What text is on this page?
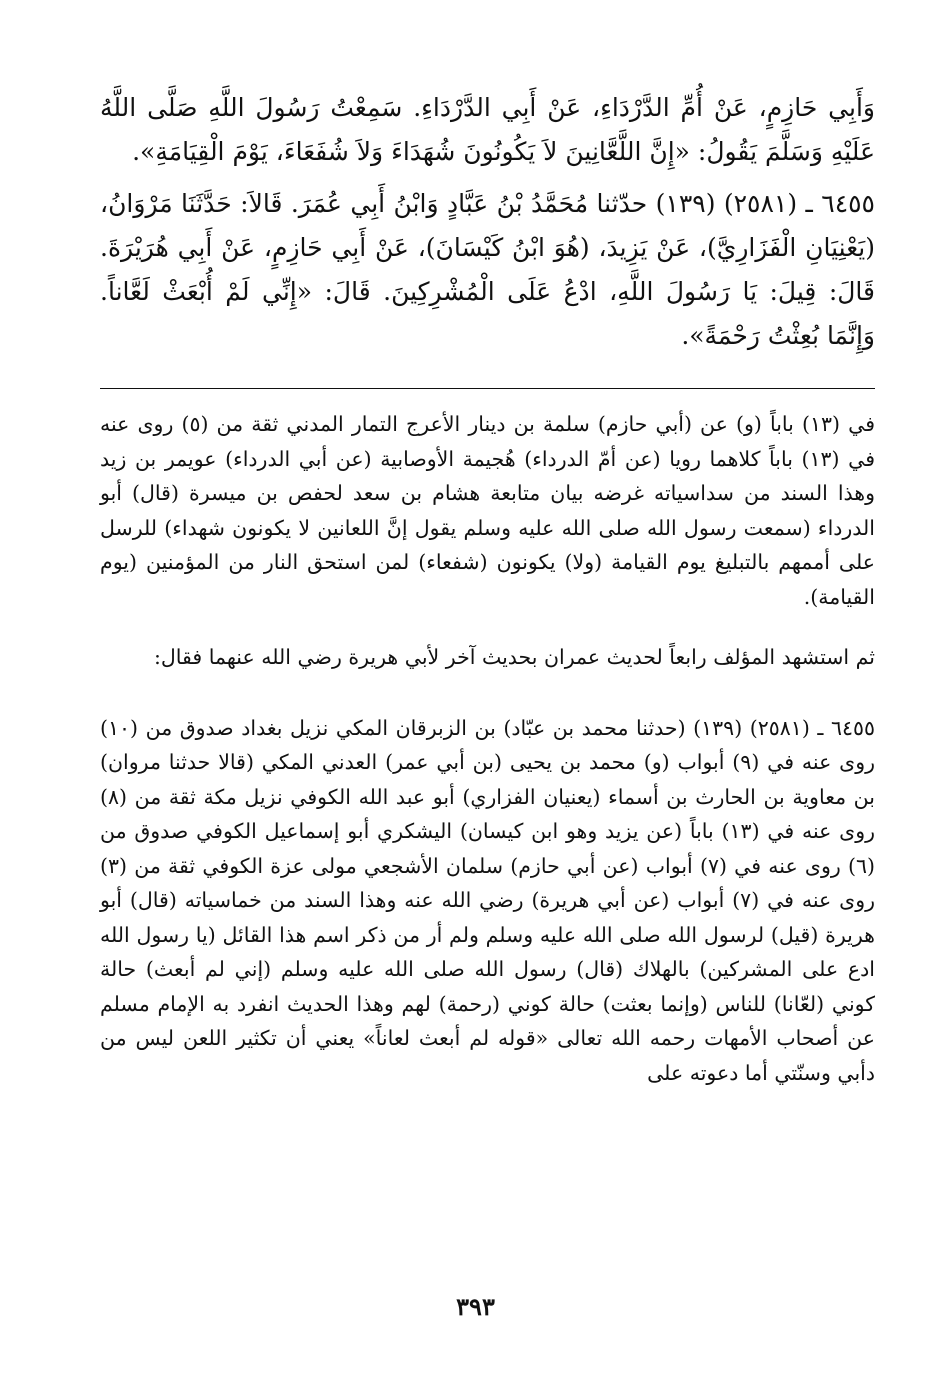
وَأَبِي حَازِمٍ، عَنْ أُمِّ الدَّرْدَاءِ، عَنْ أَبِي الدَّرْدَاءِ. سَمِعْتُ رَسُولَ اللَّهِ صَلَّى اللَّهُ عَلَيْهِ وَسَلَّمَ يَقُولُ: «إِنَّ اللَّعَّانِينَ لاَ يَكُونُونَ شُهَدَاءَ وَلاَ شُفَعَاءَ، يَوْمَ الْقِيَامَةِ».

٦٤٥٥ ـ (٢٥٨١) (١٣٩) حدّثنا مُحَمَّدُ بْنُ عَبَّادٍ وَابْنُ أَبِي عُمَرَ. قَالاَ: حَدَّثَنَا مَرْوَانُ، (يَعْنِيَانِ الْفَزَارِيَّ)، عَنْ يَزِيدَ، (هُوَ ابْنُ كَيْسَانَ)، عَنْ أَبِي حَازِمٍ، عَنْ أَبِي هُرَيْرَةَ. قَالَ: قِيلَ: يَا رَسُولَ اللَّهِ، ادْعُ عَلَى الْمُشْرِكِينَ. قَالَ: «إِنِّي لَمْ أُبْعَثْ لَعَّاناً. وَإِنَّمَا بُعِثْتُ رَحْمَةً».

في (١٣) باباً (و) عن (أبي حازم) سلمة بن دينار الأعرج التمار المدني ثقة من (٥) روى عنه في (١٣) باباً كلاهما رويا (عن أمّ الدرداء) هُجيمة الأوصابية (عن أبي الدرداء) عويمر بن زيد وهذا السند من سداسياته غرضه بيان متابعة هشام بن سعد لحفص بن ميسرة (قال) أبو الدرداء (سمعت رسول الله صلى الله عليه وسلم يقول إنَّ اللعانين لا يكونون شهداء) للرسل على أممهم بالتبليغ يوم القيامة (ولا) يكونون (شفعاء) لمن استحق النار من المؤمنين (يوم القيامة).

ثم استشهد المؤلف رابعاً لحديث عمران بحديث آخر لأبي هريرة رضي الله عنهما فقال:

٦٤٥٥ ـ (٢٥٨١) (١٣٩) (حدثنا محمد بن عبّاد) بن الزبرقان المكي نزيل بغداد صدوق من (١٠) روى عنه في (٩) أبواب (و) محمد بن يحيى (بن أبي عمر) العدني المكي (قالا حدثنا مروان) بن معاوية بن الحارث بن أسماء (يعنيان الفزاري) أبو عبد الله الكوفي نزيل مكة ثقة من (٨) روى عنه في (١٣) باباً (عن يزيد وهو ابن كيسان) اليشكري أبو إسماعيل الكوفي صدوق من (٦) روى عنه في (٧) أبواب (عن أبي حازم) سلمان الأشجعي مولى عزة الكوفي ثقة من (٣) روى عنه في (٧) أبواب (عن أبي هريرة) رضي الله عنه وهذا السند من خماسياته (قال) أبو هريرة (قيل) لرسول الله صلى الله عليه وسلم ولم أر من ذكر اسم هذا القائل (يا رسول الله ادع على المشركين) بالهلاك (قال) رسول الله صلى الله عليه وسلم (إني لم أبعث) حالة كوني (لعّانا) للناس (وإنما بعثت) حالة كوني (رحمة) لهم وهذا الحديث انفرد به الإمام مسلم عن أصحاب الأمهات رحمه الله تعالى «قوله لم أبعث لعاناً» يعني أن تكثير اللعن ليس من دأبي وسنّتي أما دعوته على

٣٩٣
